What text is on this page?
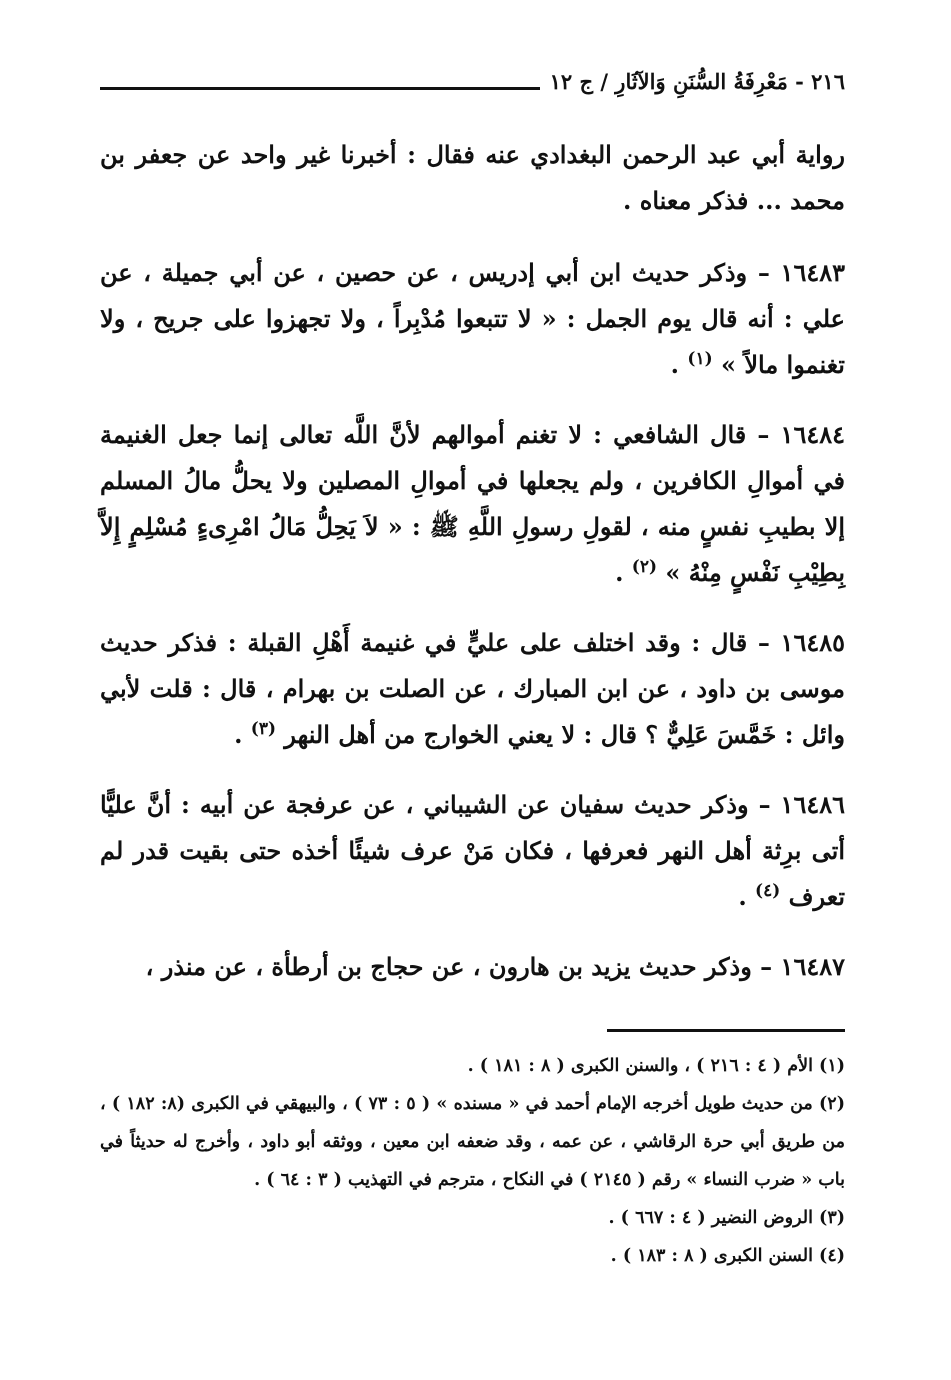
٢١٦ - مَعْرِفَةُ السُّنَنِ وَالآثَارِ / ج ١٢

رواية أبي عبد الرحمن البغدادي عنه فقال : أخبرنا غير واحد عن جعفر بن محمد ... فذكر معناه .

١٦٤٨٣ – وذكر حديث ابن أبي إدريس ، عن حصين ، عن أبي جميلة ، عن علي : أنه قال يوم الجمل : « لا تتبعوا مُدْبِراً ، ولا تجهزوا على جريح ، ولا تغنموا مالاً » $^{(١)}$ .

١٦٤٨٤ – قال الشافعي : لا تغنم أموالهم لأنَّ اللَّه تعالى إنما جعل الغنيمة في أموالِ الكافرين ، ولم يجعلها في أموالِ المصلين ولا يحلُّ مالُ المسلم إلا بطيبِ نفسٍ منه ، لقولِ رسولِ اللَّهِ ﷺ : « لاَ يَحِلُّ مَالُ امْرِىءٍ مُسْلِمٍ إِلاَّ بِطِيْبِ نَفْسٍ مِنْهُ » $^{(٢)}$ .

١٦٤٨٥ – قال : وقد اختلف على عليٍّ في غنيمة أَهْلِ القبلة : فذكر حديث موسى بن داود ، عن ابن المبارك ، عن الصلت بن بهرام ، قال : قلت لأبي وائل : خَمَّسَ عَلِيٌّ ؟ قال : لا يعني الخوارج من أهل النهر $^{(٣)}$ .

١٦٤٨٦ – وذكر حديث سفيان عن الشيباني ، عن عرفجة عن أبيه : أنَّ عليًّا أتى برِثة أهل النهر فعرفها ، فكان مَنْ عرف شيئًا أخذه حتى بقيت قدر لم تعرف $^{(٤)}$ .

١٦٤٨٧ – وذكر حديث يزيد بن هارون ، عن حجاج بن أرطأة ، عن منذر ،

(١) الأم ( ٤ : ٢١٦ ) ، والسنن الكبرى ( ٨ : ١٨١ ) .

(٢) من حديث طويل أخرجه الإمام أحمد في « مسنده » ( ٥ : ٧٣ ) ، والبيهقي في الكبرى (٨: ١٨٢ ) ، من طريق أبي حرة الرقاشي ، عن عمه ، وقد ضعفه ابن معين ، ووثقه أبو داود ، وأخرج له حديثاً في باب « ضرب النساء » رقم ( ٢١٤٥ ) في النكاح ، مترجم في التهذيب ( ٣ : ٦٤ ) .

(٣) الروض النضير ( ٤ : ٦٦٧ ) .

(٤) السنن الكبرى ( ٨ : ١٨٣ ) .
